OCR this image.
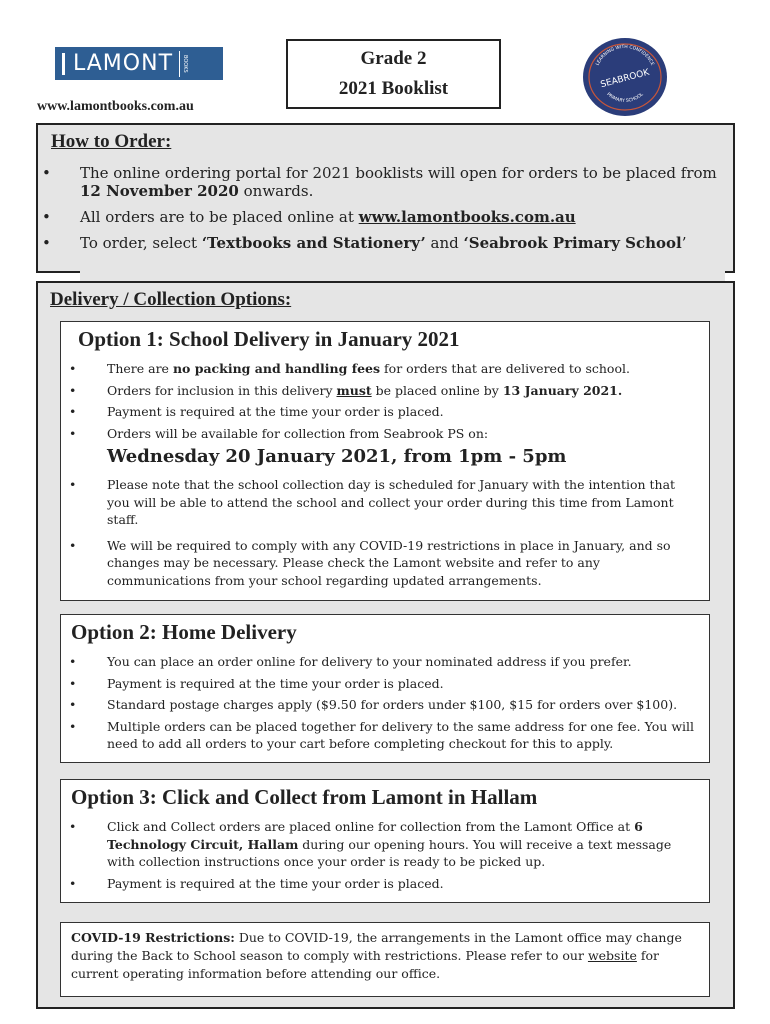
LAMONT	BOOKS
www.lamontbooks.com.au
Grade 2
2021 Booklist
LEARNING WITH CONFIDENCE
SEABROOK
PRIMARY SCHOOL
How to Order:
• The online ordering portal for 2021 booklists will open for orders to be placed from 12 November 2020 onwards.
• All orders are to be placed online at www.lamontbooks.com.au
• To order, select ‘Textbooks and Stationery’ and ‘Seabrook Primary School’
Delivery / Collection Options:
Option 1: School Delivery in January 2021
• There are no packing and handling fees for orders that are delivered to school.
• Orders for inclusion in this delivery must be placed online by 13 January 2021.
• Payment is required at the time your order is placed.
• Orders will be available for collection from Seabrook PS on:
Wednesday 20 January 2021, from 1pm - 5pm
• Please note that the school collection day is scheduled for January with the intention that you will be able to attend the school and collect your order during this time from Lamont staff.
• We will be required to comply with any COVID-19 restrictions in place in January, and so changes may be necessary. Please check the Lamont website and refer to any communications from your school regarding updated arrangements.
Option 2: Home Delivery
• You can place an order online for delivery to your nominated address if you prefer.
• Payment is required at the time your order is placed.
• Standard postage charges apply ($9.50 for orders under $100, $15 for orders over $100).
• Multiple orders can be placed together for delivery to the same address for one fee. You will need to add all orders to your cart before completing checkout for this to apply.
Option 3: Click and Collect from Lamont in Hallam
• Click and Collect orders are placed online for collection from the Lamont Office at 6 Technology Circuit, Hallam during our opening hours. You will receive a text message with collection instructions once your order is ready to be picked up.
• Payment is required at the time your order is placed.
COVID-19 Restrictions: Due to COVID-19, the arrangements in the Lamont office may change during the Back to School season to comply with restrictions. Please refer to our website for current operating information before attending our office.
